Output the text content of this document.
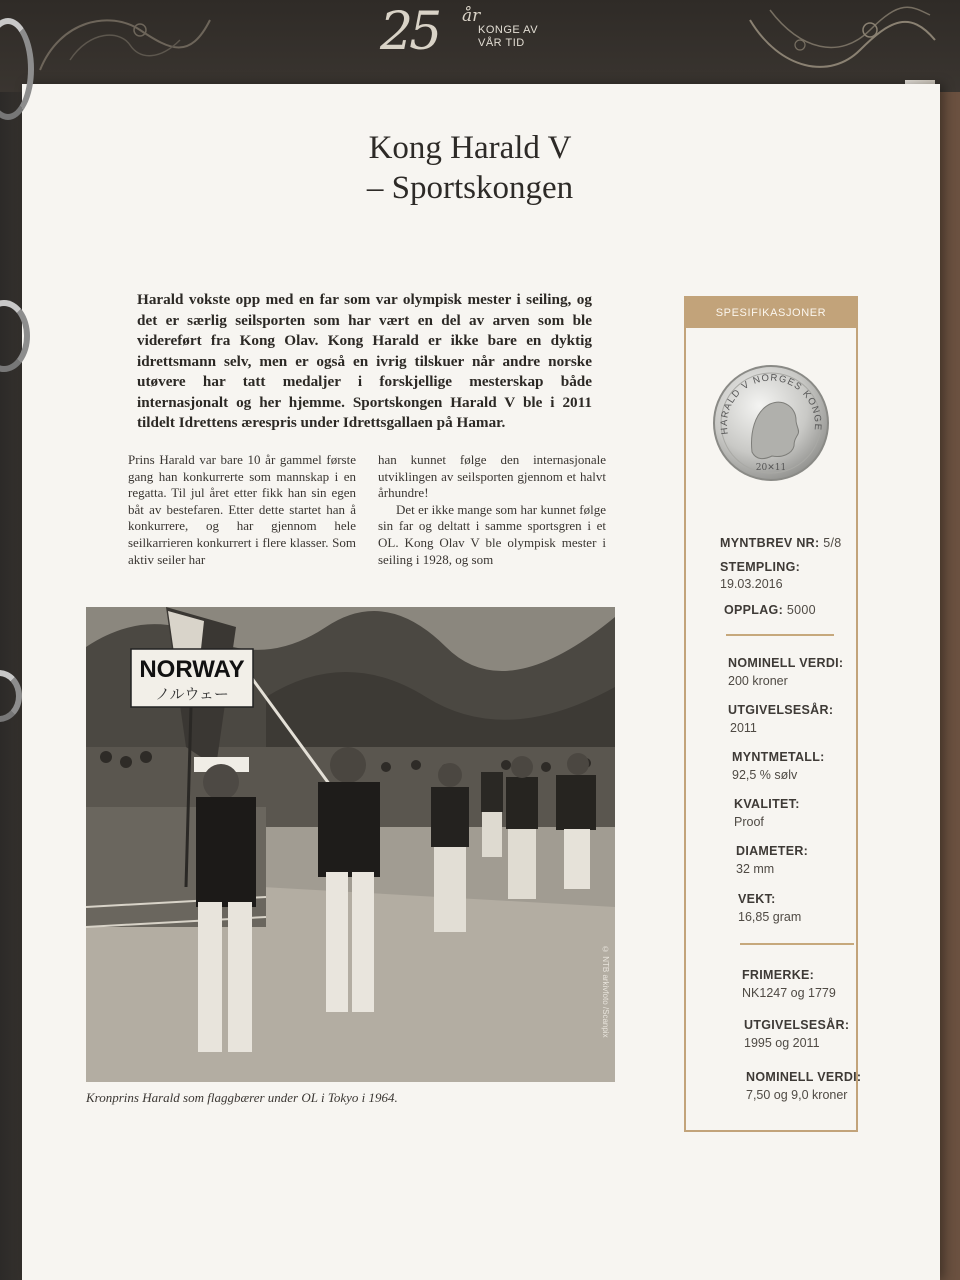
25 år
KONGE AV
VÅR TID
Kong Harald V
– Sportskongen
Harald vokste opp med en far som var olympisk mester i seiling, og det er særlig seilsporten som har vært en del av arven som ble videreført fra Kong Olav. Kong Harald er ikke bare en dyktig idrettsmann selv, men er også en ivrig tilskuer når andre norske utøvere har tatt medaljer i forskjellige mesterskap både internasjonalt og her hjemme. Sportskongen Harald V ble i 2011 tildelt Idrettens ærespris under Idrettsgallaen på Hamar.

Prins Harald var bare 10 år gammel første gang han konkurrerte som mannskap i en regatta. Til jul året etter fikk han sin egen båt av bestefaren. Etter dette startet han å konkurrere, og har gjennom hele seilkarrieren konkurrert i flere klasser. Som aktiv seiler har

han kunnet følge den internasjonale utviklingen av seilsporten gjennom et halvt århundre!

Det er ikke mange som har kunnet følge sin far og deltatt i samme sportsgren i et OL. Kong Olav V ble olympisk mester i seiling i 1928, og som

NORWAY
ノルウェー
© NTB arkivfoto /Scanpix
Kronprins Harald som flaggbærer under OL i Tokyo i 1964.
SPESIFIKASJONER
HARALD V NORGES KONGE
20✕11
MYNTBREV NR: 5/8
STEMPLING:
19.03.2016
OPPLAG: 5000
NOMINELL VERDI:
200 kroner
UTGIVELSESÅR:
2011
MYNTMETALL:
92,5 % sølv
KVALITET:
Proof
DIAMETER:
32 mm
VEKT:
16,85 gram
FRIMERKE:
NK1247 og 1779
UTGIVELSESÅR:
1995 og 2011
NOMINELL VERDI:
7,50 og 9,0 kroner
